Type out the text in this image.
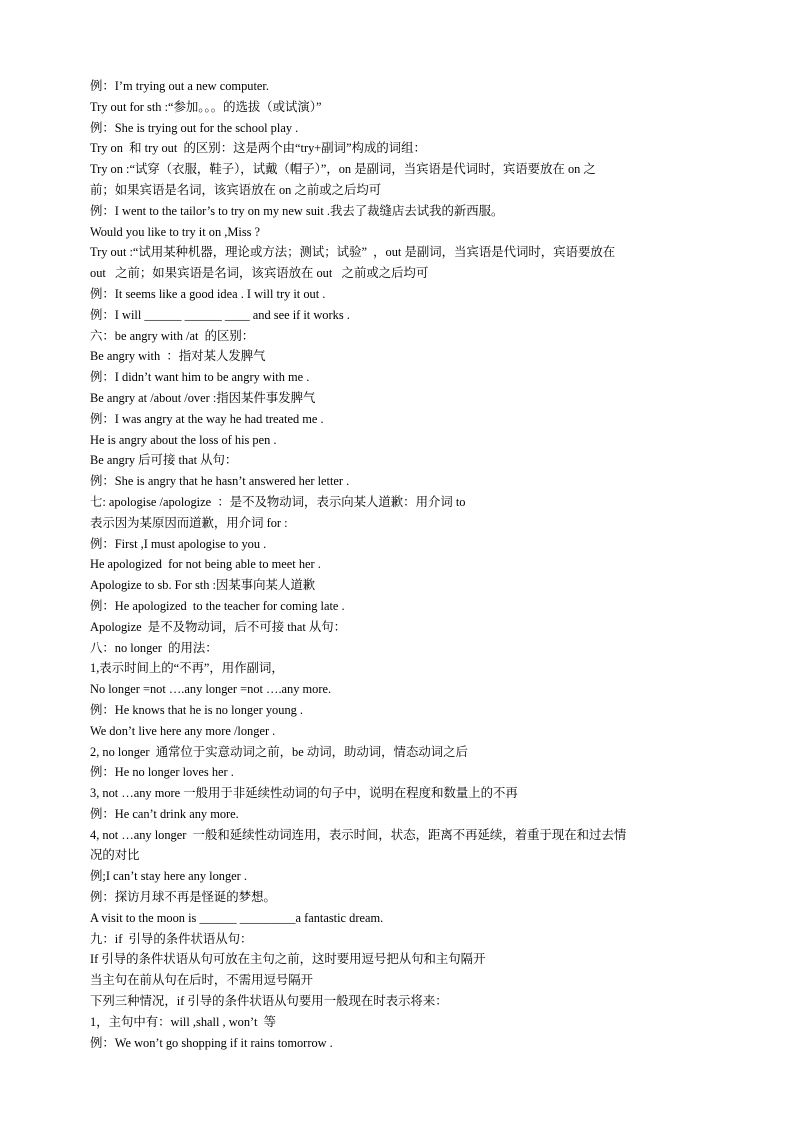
例：I’m trying out a new computer.
Try out for sth :“参加。。。的选拔（或试演）”
例：She is trying out for the school play .
Try on  和 try out  的区别：这是两个由“try+副词”构成的词组：
Try on :“试穿（衣服，鞋子），试戴（帽子）”，on 是副词，当宾语是代词时，宾语要放在 on 之
前；如果宾语是名词，该宾语放在 on 之前或之后均可
例：I went to the tailor’s to try on my new suit .我去了裁缝店去试我的新西服。
Would you like to try it on ,Miss ?
Try out :“试用某种机器，理论或方法；测试；试验”  ，out 是副词，当宾语是代词时，宾语要放在
out   之前；如果宾语是名词，该宾语放在 out   之前或之后均可
例：It seems like a good idea . I will try it out .
例：I will ______ ______ ____ and see if it works .
六：be angry with /at  的区别：
Be angry with  ：指对某人发脾气
例：I didn’t want him to be angry with me .
Be angry at /about /over :指因某件事发脾气
例：I was angry at the way he had treated me .
He is angry about the loss of his pen .
Be angry 后可接 that 从句：
例：She is angry that he hasn’t answered her letter .
七: apologise /apologize  ：是不及物动词，表示向某人道歉：用介词 to
表示因为某原因而道歉，用介词 for :
例：First ,I must apologise to you .
He apologized  for not being able to meet her .
Apologize to sb. For sth :因某事向某人道歉
例：He apologized  to the teacher for coming late .
Apologize  是不及物动词，后不可接 that 从句：
八：no longer  的用法：
1,表示时间上的“不再”，用作副词，
No longer =not ….any longer =not ….any more.
例：He knows that he is no longer young .
We don’t live here any more /longer .
2, no longer  通常位于实意动词之前，be 动词，助动词，情态动词之后
例：He no longer loves her .
3, not …any more 一般用于非延续性动词的句子中，说明在程度和数量上的不再
例：He can’t drink any more.
4, not …any longer  一般和延续性动词连用，表示时间，状态，距离不再延续，着重于现在和过去情
况的对比
例;I can’t stay here any longer .
例：探访月球不再是怪诞的梦想。
A visit to the moon is ______ _________a fantastic dream.
九：if  引导的条件状语从句：
If 引导的条件状语从句可放在主句之前，这时要用逗号把从句和主句隔开
当主句在前从句在后时，不需用逗号隔开
下列三种情况，if 引导的条件状语从句要用一般现在时表示将来：
1，主句中有：will ,shall , won’t  等
例：We won’t go shopping if it rains tomorrow .
